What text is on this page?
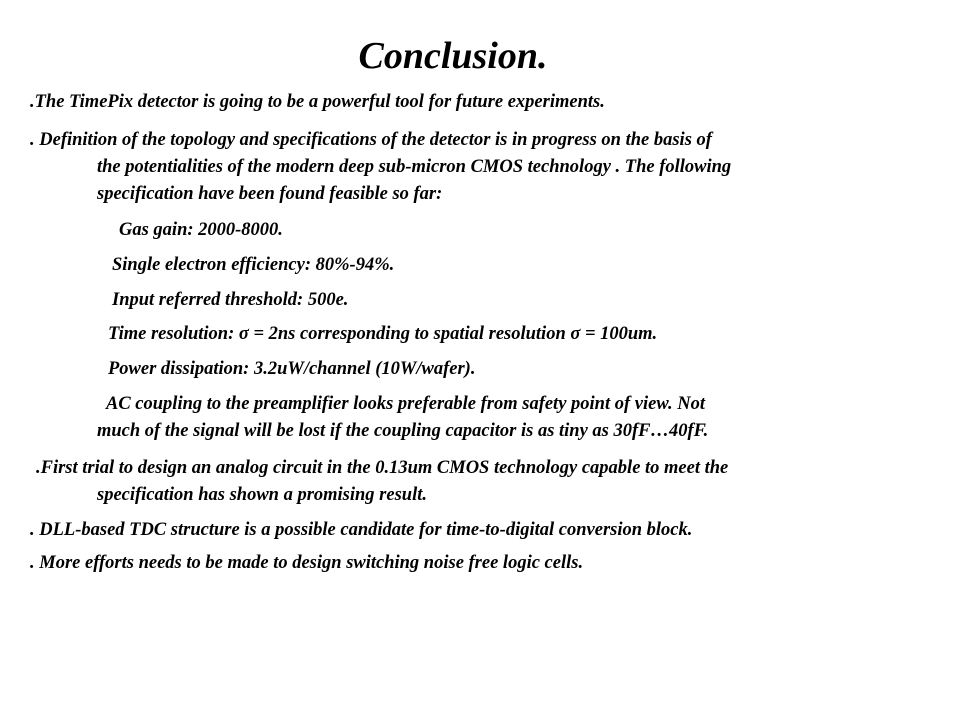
Conclusion.
.The TimePix detector is going to be a powerful tool for future experiments.
. Definition of the topology and specifications of the detector is in progress on the basis of
the potentialities of the modern deep sub-micron CMOS technology . The following
specification have been found feasible so far:
Gas gain: 2000-8000.
Single electron efficiency: 80%-94%.
Input referred threshold: 500e.
Time resolution: σ = 2ns corresponding to spatial resolution σ = 100um.
Power dissipation: 3.2uW/channel (10W/wafer).
AC coupling to the preamplifier looks preferable from safety point of view. Not
much of the signal will be lost if the coupling capacitor is as tiny as 30fF…40fF.
.First trial to design an analog circuit in the 0.13um CMOS technology capable to meet the
specification has shown a promising result.
. DLL-based TDC structure is a possible candidate for time-to-digital conversion block.
. More efforts needs to be made to design switching noise free logic cells.
